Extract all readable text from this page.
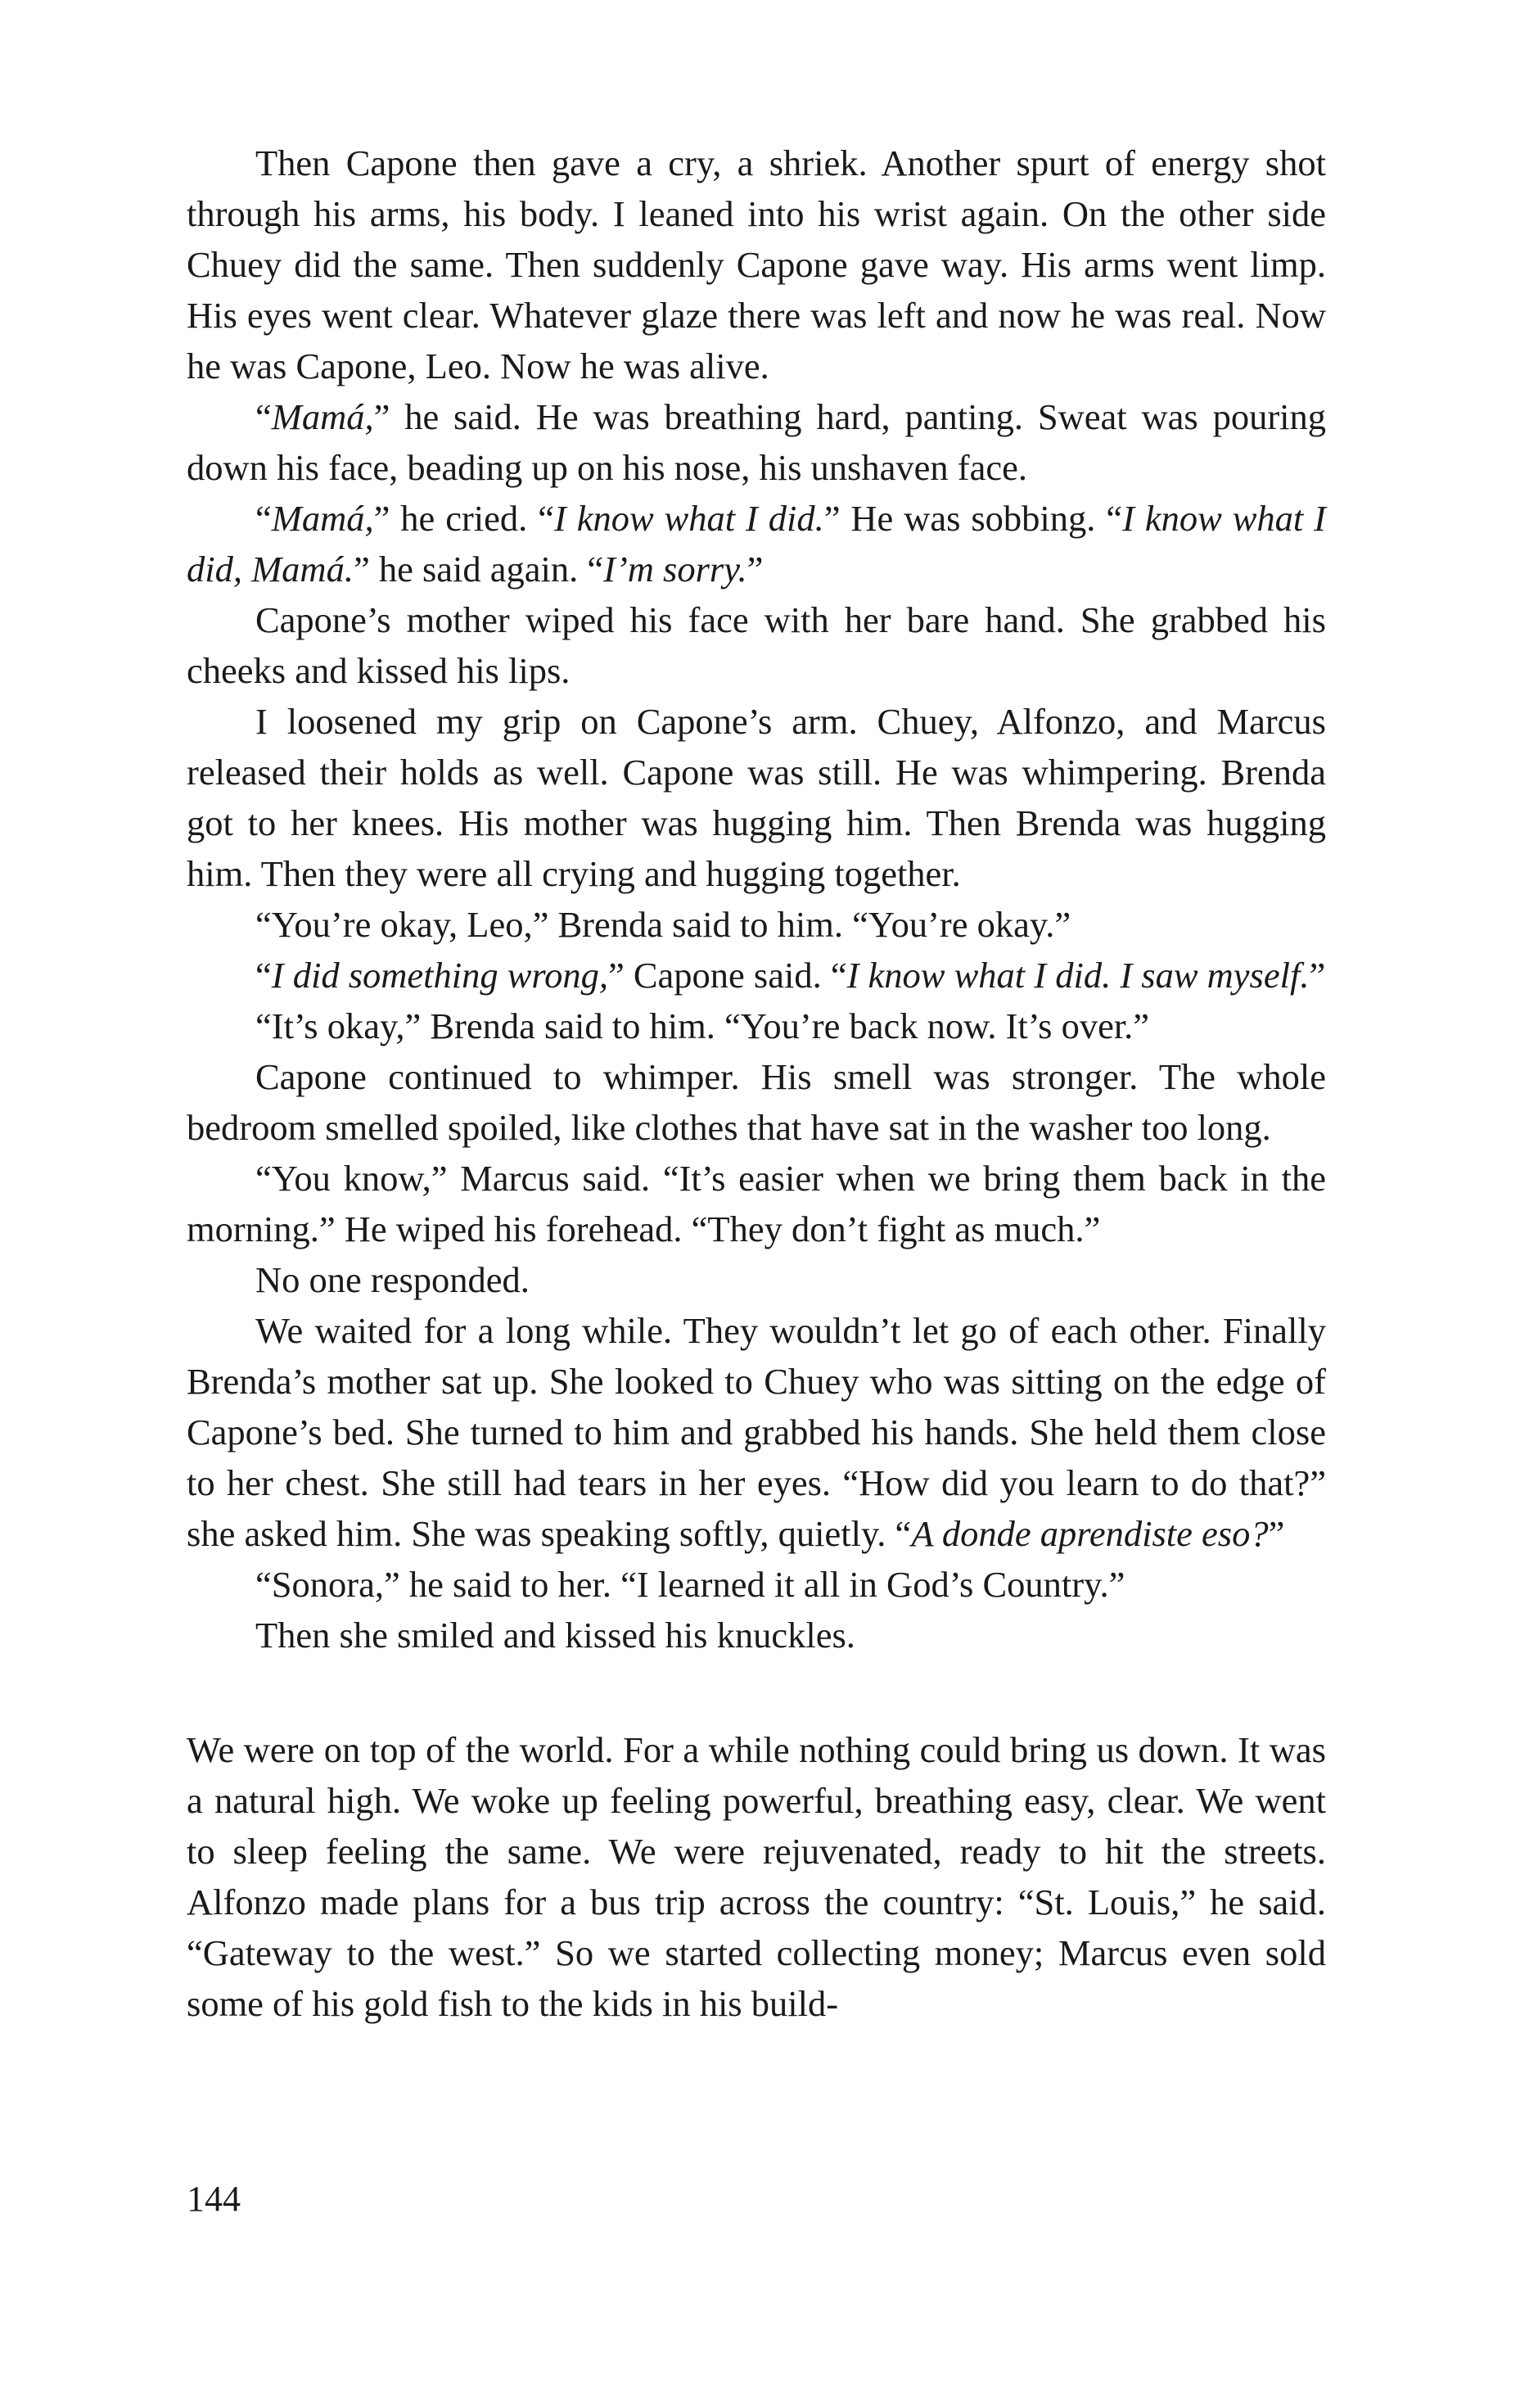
Then Capone then gave a cry, a shriek. Another spurt of energy shot through his arms, his body. I leaned into his wrist again. On the other side Chuey did the same. Then suddenly Capone gave way. His arms went limp. His eyes went clear. Whatever glaze there was left and now he was real. Now he was Capone, Leo. Now he was alive.

“Mamá,” he said. He was breathing hard, panting. Sweat was pouring down his face, beading up on his nose, his unshaven face.

“Mamá,” he cried. “I know what I did.” He was sobbing. “I know what I did, Mamá.” he said again. “I’m sorry.”

Capone’s mother wiped his face with her bare hand. She grabbed his cheeks and kissed his lips.

I loosened my grip on Capone’s arm. Chuey, Alfonzo, and Marcus released their holds as well. Capone was still. He was whimpering. Brenda got to her knees. His mother was hugging him. Then Brenda was hugging him. Then they were all crying and hugging together.

“You’re okay, Leo,” Brenda said to him. “You’re okay.”

“I did something wrong,” Capone said. “I know what I did. I saw myself.”

“It’s okay,” Brenda said to him. “You’re back now. It’s over.”

Capone continued to whimper. His smell was stronger. The whole bedroom smelled spoiled, like clothes that have sat in the washer too long.

“You know,” Marcus said. “It’s easier when we bring them back in the morning.” He wiped his forehead. “They don’t fight as much.”

No one responded.

We waited for a long while. They wouldn’t let go of each other. Finally Brenda’s mother sat up. She looked to Chuey who was sitting on the edge of Capone’s bed. She turned to him and grabbed his hands. She held them close to her chest. She still had tears in her eyes. “How did you learn to do that?” she asked him. She was speaking softly, quietly. “A donde aprendiste eso?”

“Sonora,” he said to her. “I learned it all in God’s Country.”

Then she smiled and kissed his knuckles.

We were on top of the world. For a while nothing could bring us down. It was a natural high. We woke up feeling powerful, breathing easy, clear. We went to sleep feeling the same. We were rejuvenated, ready to hit the streets. Alfonzo made plans for a bus trip across the country: “St. Louis,” he said. “Gateway to the west.” So we started collecting money; Marcus even sold some of his gold fish to the kids in his build-

144
